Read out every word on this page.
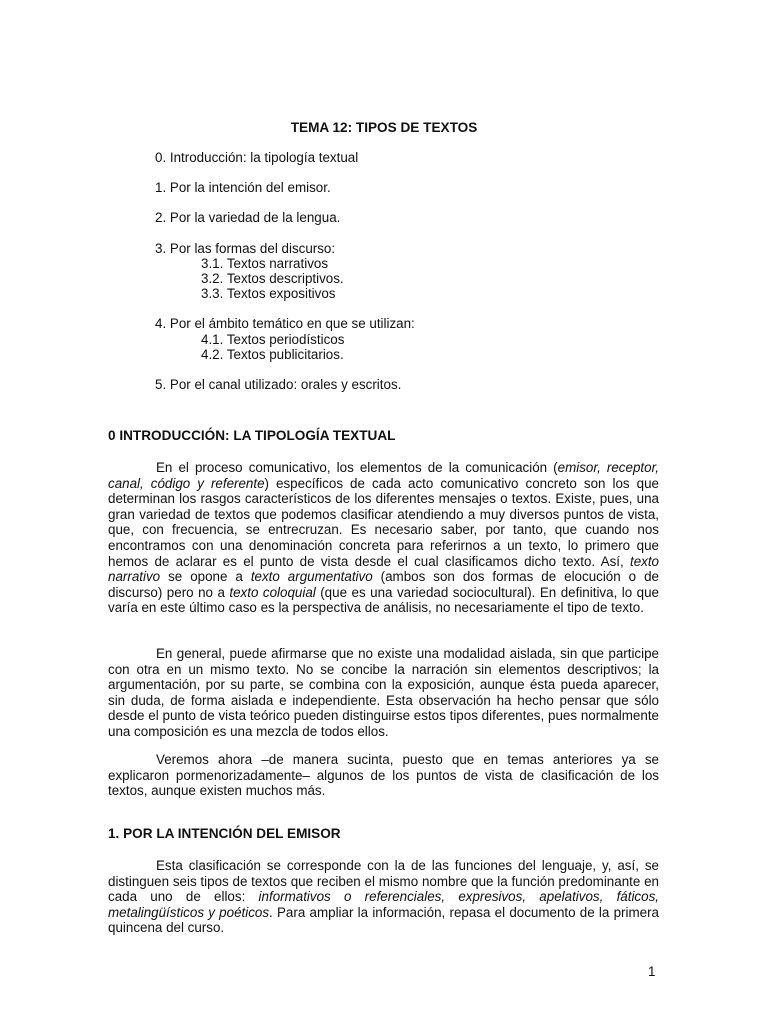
TEMA 12: TIPOS DE TEXTOS
0. Introducción: la tipología textual
1. Por la intención del emisor.
2. Por la variedad de la lengua.
3. Por las formas del discurso:
3.1. Textos narrativos
3.2. Textos descriptivos.
3.3. Textos expositivos
4. Por el ámbito temático en que se utilizan:
4.1. Textos periodísticos
4.2. Textos publicitarios.
5. Por el canal utilizado: orales y escritos.
0 INTRODUCCIÓN: LA TIPOLOGÍA TEXTUAL

En el proceso comunicativo, los elementos de la comunicación (emisor, receptor, canal, código y referente) específicos de cada acto comunicativo concreto son los que determinan los rasgos característicos de los diferentes mensajes o textos. Existe, pues, una gran variedad de textos que podemos clasificar atendiendo a muy diversos puntos de vista, que, con frecuencia, se entrecruzan. Es necesario saber, por tanto, que cuando nos encontramos con una denominación concreta para referirnos a un texto, lo primero que hemos de aclarar es el punto de vista desde el cual clasificamos dicho texto. Así, texto narrativo se opone a texto argumentativo (ambos son dos formas de elocución o de discurso) pero no a texto coloquial (que es una variedad sociocultural). En definitiva, lo que varía en este último caso es la perspectiva de análisis, no necesariamente el tipo de texto.

En general, puede afirmarse que no existe una modalidad aislada, sin que participe con otra en un mismo texto. No se concibe la narración sin elementos descriptivos; la argumentación, por su parte, se combina con la exposición, aunque ésta pueda aparecer, sin duda, de forma aislada e independiente. Esta observación ha hecho pensar que sólo desde el punto de vista teórico pueden distinguirse estos tipos diferentes, pues normalmente una composición es una mezcla de todos ellos.

Veremos ahora –de manera sucinta, puesto que en temas anteriores ya se explicaron pormenorizadamente– algunos de los puntos de vista de clasificación de los textos, aunque existen muchos más.

1. POR LA INTENCIÓN DEL EMISOR

Esta clasificación se corresponde con la de las funciones del lenguaje, y, así, se distinguen seis tipos de textos que reciben el mismo nombre que la función predominante en cada uno de ellos: informativos o referenciales, expresivos, apelativos, fáticos, metalingüísticos y poéticos. Para ampliar la información, repasa el documento de la primera quincena del curso.

1
